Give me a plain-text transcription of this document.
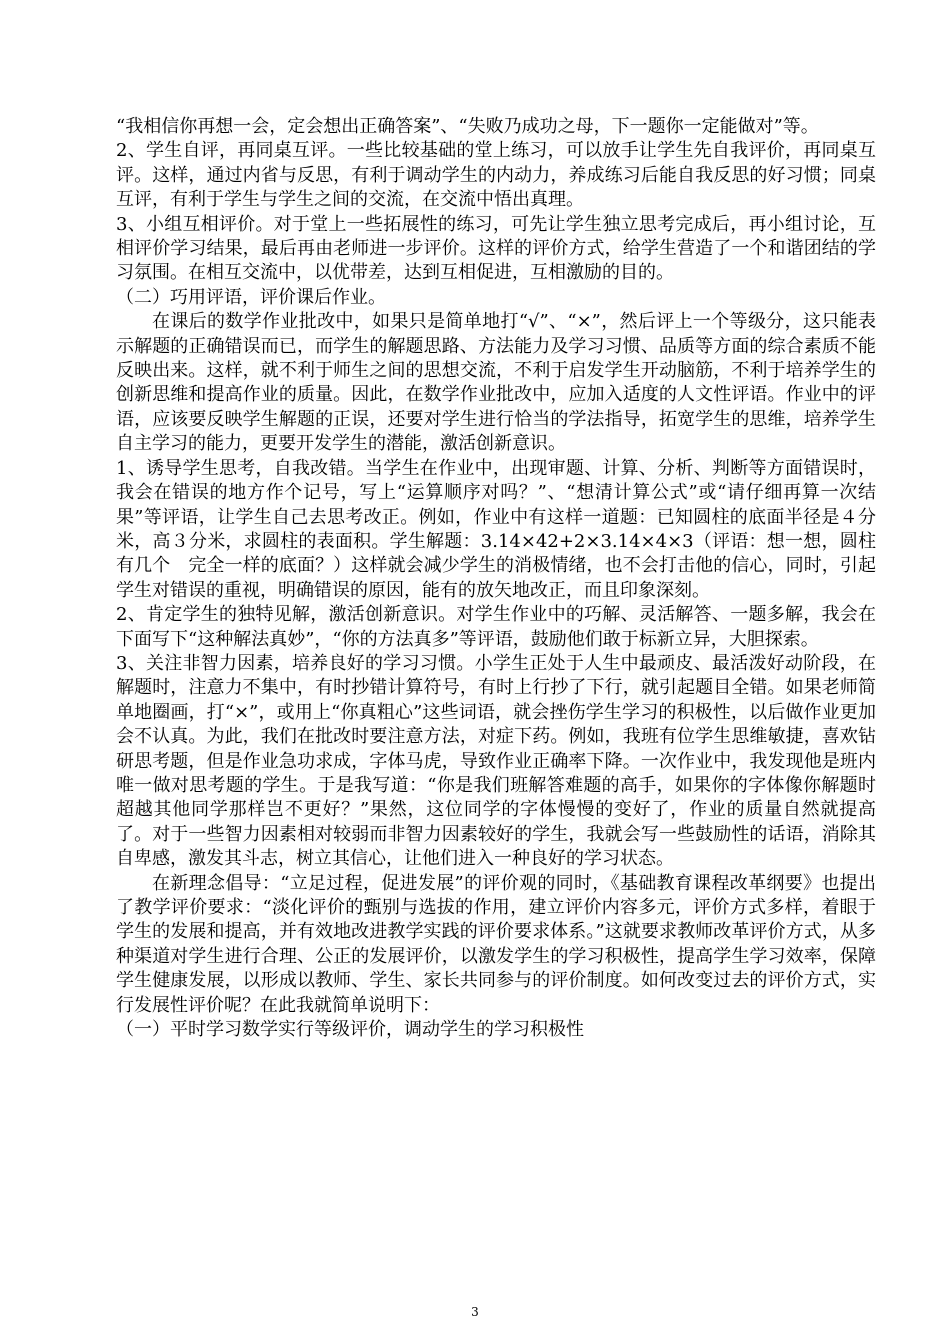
“我相信你再想一会，定会想出正确答案”、“失败乃成功之母，下一题你一定能做对”等。

2、学生自评，再同桌互评。一些比较基础的堂上练习，可以放手让学生先自我评价，再同桌互评。这样，通过内省与反思，有利于调动学生的内动力，养成练习后能自我反思的好习惯；同桌互评，有利于学生与学生之间的交流，在交流中悟出真理。

3、小组互相评价。对于堂上一些拓展性的练习，可先让学生独立思考完成后，再小组讨论，互相评价学习结果，最后再由老师进一步评价。这样的评价方式，给学生营造了一个和谐团结的学习氛围。在相互交流中，以优带差，达到互相促进，互相激励的目的。

（二）巧用评语，评价课后作业。

在课后的数学作业批改中，如果只是简单地打“√”、“×”，然后评上一个等级分，这只能表示解题的正确错误而已，而学生的解题思路、方法能力及学习习惯、品质等方面的综合素质不能反映出来。这样，就不利于师生之间的思想交流，不利于启发学生开动脑筋，不利于培养学生的创新思维和提高作业的质量。因此，在数学作业批改中，应加入适度的人文性评语。作业中的评语，应该要反映学生解题的正误，还要对学生进行恰当的学法指导，拓宽学生的思维，培养学生自主学习的能力，更要开发学生的潜能，激活创新意识。

1、诱导学生思考，自我改错。当学生在作业中，出现审题、计算、分析、判断等方面错误时，我会在错误的地方作个记号，写上“运算顺序对吗？”、“想清计算公式”或“请仔细再算一次结果”等评语，让学生自己去思考改正。例如，作业中有这样一道题：已知圆柱的底面半径是４分米，高３分米，求圆柱的表面积。学生解题：3.14×42+2×3.14×4×3（评语：想一想，圆柱有几个　完全一样的底面？）这样就会减少学生的消极情绪，也不会打击他的信心，同时，引起学生对错误的重视，明确错误的原因，能有的放矢地改正，而且印象深刻。

2、肯定学生的独特见解，激活创新意识。对学生作业中的巧解、灵活解答、一题多解，我会在下面写下“这种解法真妙”，“你的方法真多”等评语，鼓励他们敢于标新立异，大胆探索。

3、关注非智力因素，培养良好的学习习惯。小学生正处于人生中最顽皮、最活泼好动阶段，在解题时，注意力不集中，有时抄错计算符号，有时上行抄了下行，就引起题目全错。如果老师简单地圈画，打“×”，或用上“你真粗心”这些词语，就会挫伤学生学习的积极性，以后做作业更加会不认真。为此，我们在批改时要注意方法，对症下药。例如，我班有位学生思维敏捷，喜欢钻研思考题，但是作业急功求成，字体马虎，导致作业正确率下降。一次作业中，我发现他是班内唯一做对思考题的学生。于是我写道：“你是我们班解答难题的高手，如果你的字体像你解题时超越其他同学那样岂不更好？”果然，这位同学的字体慢慢的变好了，作业的质量自然就提高了。对于一些智力因素相对较弱而非智力因素较好的学生，我就会写一些鼓励性的话语，消除其自卑感，激发其斗志，树立其信心，让他们进入一种良好的学习状态。

在新理念倡导：“立足过程，促进发展”的评价观的同时，《基础教育课程改革纲要》也提出了教学评价要求：“淡化评价的甄别与选拔的作用，建立评价内容多元，评价方式多样，着眼于学生的发展和提高，并有效地改进教学实践的评价要求体系。”这就要求教师改革评价方式，从多种渠道对学生进行合理、公正的发展评价，以激发学生的学习积极性，提高学生学习效率，保障学生健康发展，以形成以教师、学生、家长共同参与的评价制度。如何改变过去的评价方式，实行发展性评价呢？在此我就简单说明下：

（一）平时学习数学实行等级评价，调动学生的学习积极性

3
